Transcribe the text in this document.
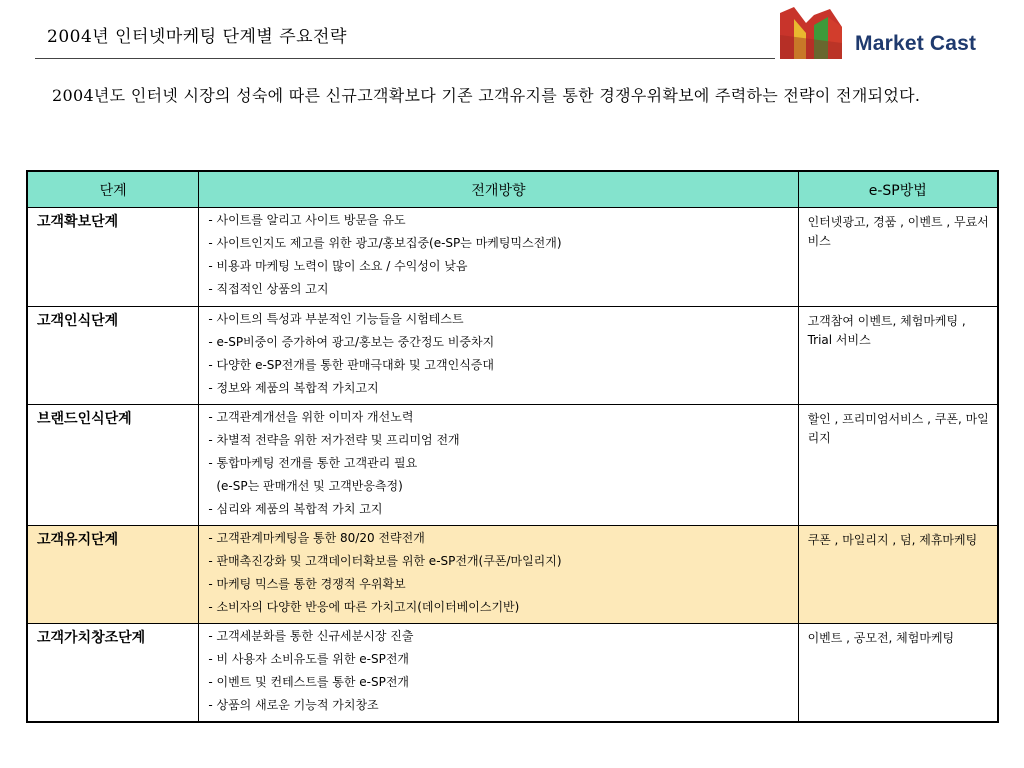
2004년 인터넷마케팅 단계별 주요전략	Market Cast
2004년도 인터넷 시장의 성숙에 따른 신규고객확보다 기존 고객유지를 통한 경쟁우위확보에 주력하는 전략이 전개되었다.
단계	전개방향	e-SP방법
고객확보단계	- 사이트를 알리고 사이트 방문을 유도
- 사이트인지도 제고를 위한 광고/홍보집중(e-SP는 마케팅믹스전개)
- 비용과 마케팅 노력이 많이 소요 / 수익성이 낮음
- 직접적인 상품의 고지	인터넷광고, 경품 , 이벤트 , 무료서비스
고객인식단계	- 사이트의 특성과 부분적인 기능들을 시험테스트
- e-SP비중이 증가하여 광고/홍보는 중간정도 비중차지
- 다양한 e-SP전개를 통한 판매극대화 및 고객인식증대
- 정보와 제품의 복합적 가치고지	고객참여 이벤트, 체험마케팅 , Trial 서비스
브랜드인식단계	- 고객관계개선을 위한 이미자 개선노력
- 차별적 전략을 위한 저가전략 및 프리미엄 전개
- 통합마케팅 전개를 통한 고객관리 필요
(e-SP는 판매개선 및 고객반응측정)
- 심리와 제품의 복합적 가치 고지	할인 , 프리미엄서비스 , 쿠폰, 마일리지
고객유지단계	- 고객관계마케팅을 통한 80/20 전략전개
- 판매촉진강화 및 고객데이터확보를 위한 e-SP전개(쿠폰/마일리지)
- 마케팅 믹스를 통한 경쟁적 우위확보
- 소비자의 다양한 반응에 따른 가치고지(데이터베이스기반)	쿠폰 , 마일리지 , 덤, 제휴마케팅
고객가치창조단계	- 고객세분화를 통한 신규세분시장 진출
- 비 사용자 소비유도를 위한 e-SP전개
- 이벤트 및 컨테스트를 통한 e-SP전개
- 상품의 새로운 기능적 가치창조	이벤트 , 공모전, 체험마케팅
